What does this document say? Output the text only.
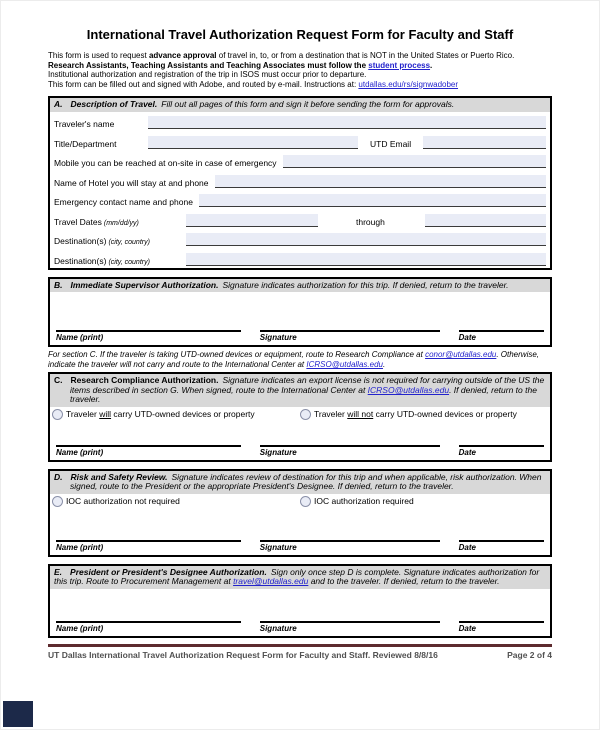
International Travel Authorization Request Form for Faculty and Staff
This form is used to request advance approval of travel in, to, or from a destination that is NOT in the United States or Puerto Rico.
Research Assistants, Teaching Assistants and Teaching Associates must follow the student process.
Institutional authorization and registration of the trip in ISOS must occur prior to departure.
This form can be filled out and signed with Adobe, and routed by e-mail. Instructions at: utdallas.edu/rs/signwadober
A. Description of Travel. Fill out all pages of this form and sign it before sending the form for approvals.
Traveler's name
Title/Department	UTD Email
Mobile you can be reached at on-site in case of emergency
Name of Hotel you will stay at and phone
Emergency contact name and phone
Travel Dates (mm/dd/yy)	through
Destination(s) (city, country)
Destination(s) (city, country)
B. Immediate Supervisor Authorization. Signature indicates authorization for this trip. If denied, return to the traveler.
Name (print)	Signature	Date
For section C. If the traveler is taking UTD-owned devices or equipment, route to Research Compliance at conor@utdallas.edu. Otherwise, indicate the traveler will not carry and route to the International Center at ICRSO@utdallas.edu.
C. Research Compliance Authorization. Signature indicates an export license is not required for carrying outside of the US the items described in section G. When signed, route to the International Center at ICRSO@utdallas.edu. If denied, return to the traveler.
Traveler will carry UTD-owned devices or property	Traveler will not carry UTD-owned devices or property
Name (print)	Signature	Date
D. Risk and Safety Review. Signature indicates review of destination for this trip and when applicable, risk authorization. When signed, route to the President or the appropriate President's Designee. If denied, return to the traveler.
IOC authorization not required	IOC authorization required
Name (print)	Signature	Date
E. President or President's Designee Authorization. Sign only once step D is complete. Signature indicates authorization for this trip. Route to Procurement Management at travel@utdallas.edu and to the traveler. If denied, return to the traveler.
Name (print)	Signature	Date
UT Dallas International Travel Authorization Request Form for Faculty and Staff. Reviewed 8/8/16	Page 2 of 4
